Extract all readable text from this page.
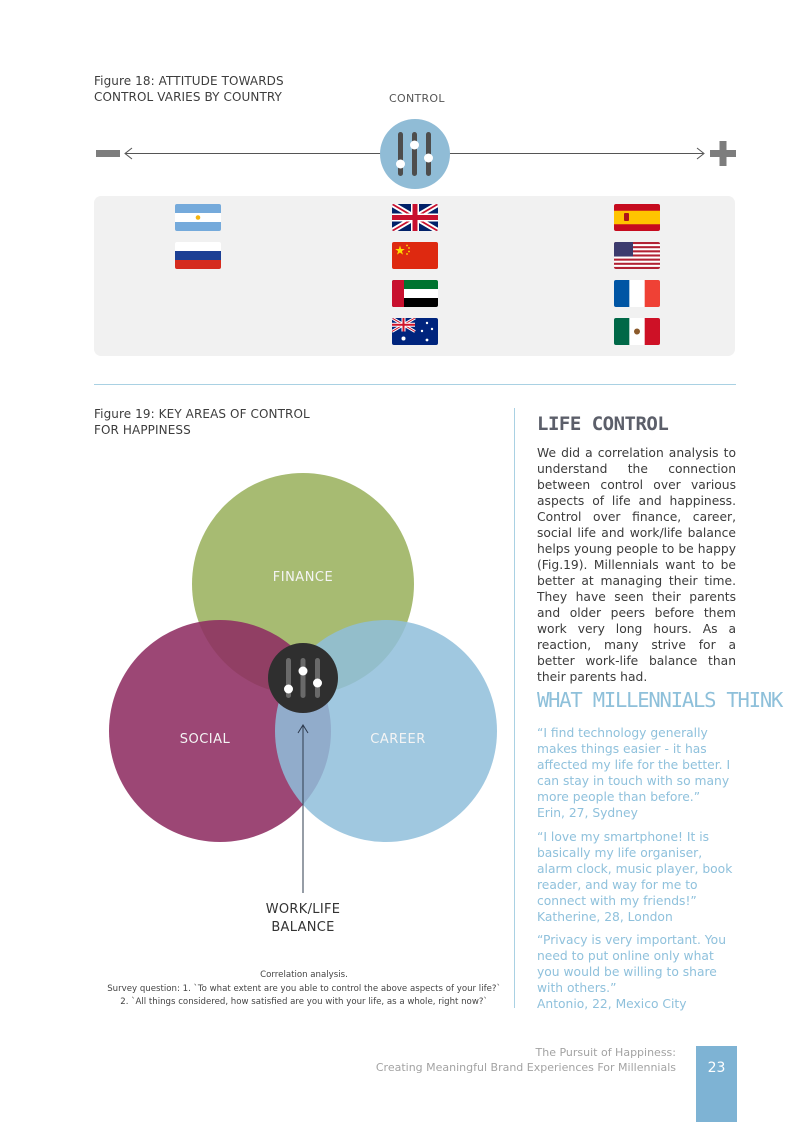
Figure 18: ATTITUDE TOWARDS
CONTROL VARIES BY COUNTRY	CONTROL
Figure 19: KEY AREAS OF CONTROL
FOR HAPPINESS
FINANCE
SOCIAL	CAREER
WORK/LIFE
BALANCE
Correlation analysis.
Survey question: 1. `To what extent are you able to control the above aspects of your life?`
2. `All things considered, how satisfied are you with your life, as a whole, right now?`
LIFE CONTROL
We did a correlation analysis to understand the connection between control over various aspects of life and happiness. Control over finance, career, social life and work/life balance helps young people to be happy (Fig.19). Millennials want to be better at managing their time. They have seen their parents and older peers before them work very long hours. As a reaction, many strive for a better work-life balance than their parents had.
WHAT MILLENNIALS THINK
“I find technology generally makes things easier - it has affected my life for the better. I can stay in touch with so many more people than before.”
Erin, 27, Sydney
“I love my smartphone! It is basically my life organiser, alarm clock, music player, book reader, and way for me to connect with my friends!”
Katherine, 28, London
“Privacy is very important. You need to put online only what you would be willing to share with others.”
Antonio, 22, Mexico City
The Pursuit of Happiness:
Creating Meaningful Brand Experiences For Millennials	23
